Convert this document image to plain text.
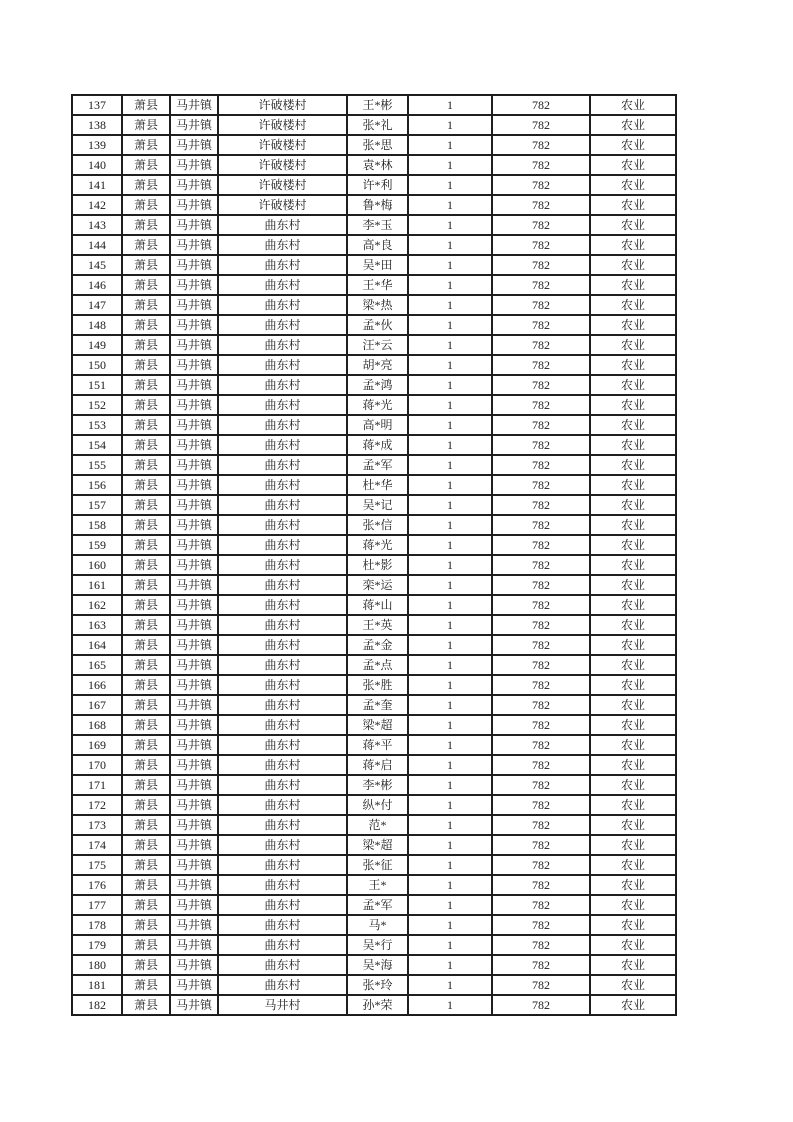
137	萧县	马井镇	许破楼村	王*彬	1	782	农业
138	萧县	马井镇	许破楼村	张*礼	1	782	农业
139	萧县	马井镇	许破楼村	张*思	1	782	农业
140	萧县	马井镇	许破楼村	袁*林	1	782	农业
141	萧县	马井镇	许破楼村	许*利	1	782	农业
142	萧县	马井镇	许破楼村	鲁*梅	1	782	农业
143	萧县	马井镇	曲东村	李*玉	1	782	农业
144	萧县	马井镇	曲东村	高*良	1	782	农业
145	萧县	马井镇	曲东村	吴*田	1	782	农业
146	萧县	马井镇	曲东村	王*华	1	782	农业
147	萧县	马井镇	曲东村	梁*热	1	782	农业
148	萧县	马井镇	曲东村	孟*伙	1	782	农业
149	萧县	马井镇	曲东村	汪*云	1	782	农业
150	萧县	马井镇	曲东村	胡*亮	1	782	农业
151	萧县	马井镇	曲东村	孟*鸿	1	782	农业
152	萧县	马井镇	曲东村	蒋*光	1	782	农业
153	萧县	马井镇	曲东村	高*明	1	782	农业
154	萧县	马井镇	曲东村	蒋*成	1	782	农业
155	萧县	马井镇	曲东村	孟*军	1	782	农业
156	萧县	马井镇	曲东村	杜*华	1	782	农业
157	萧县	马井镇	曲东村	吴*记	1	782	农业
158	萧县	马井镇	曲东村	张*信	1	782	农业
159	萧县	马井镇	曲东村	蒋*光	1	782	农业
160	萧县	马井镇	曲东村	杜*影	1	782	农业
161	萧县	马井镇	曲东村	栾*运	1	782	农业
162	萧县	马井镇	曲东村	蒋*山	1	782	农业
163	萧县	马井镇	曲东村	王*英	1	782	农业
164	萧县	马井镇	曲东村	孟*金	1	782	农业
165	萧县	马井镇	曲东村	孟*点	1	782	农业
166	萧县	马井镇	曲东村	张*胜	1	782	农业
167	萧县	马井镇	曲东村	孟*奎	1	782	农业
168	萧县	马井镇	曲东村	梁*超	1	782	农业
169	萧县	马井镇	曲东村	蒋*平	1	782	农业
170	萧县	马井镇	曲东村	蒋*启	1	782	农业
171	萧县	马井镇	曲东村	李*彬	1	782	农业
172	萧县	马井镇	曲东村	纵*付	1	782	农业
173	萧县	马井镇	曲东村	范*	1	782	农业
174	萧县	马井镇	曲东村	梁*超	1	782	农业
175	萧县	马井镇	曲东村	张*征	1	782	农业
176	萧县	马井镇	曲东村	王*	1	782	农业
177	萧县	马井镇	曲东村	孟*军	1	782	农业
178	萧县	马井镇	曲东村	马*	1	782	农业
179	萧县	马井镇	曲东村	吴*行	1	782	农业
180	萧县	马井镇	曲东村	吴*海	1	782	农业
181	萧县	马井镇	曲东村	张*玲	1	782	农业
182	萧县	马井镇	马井村	孙*荣	1	782	农业
